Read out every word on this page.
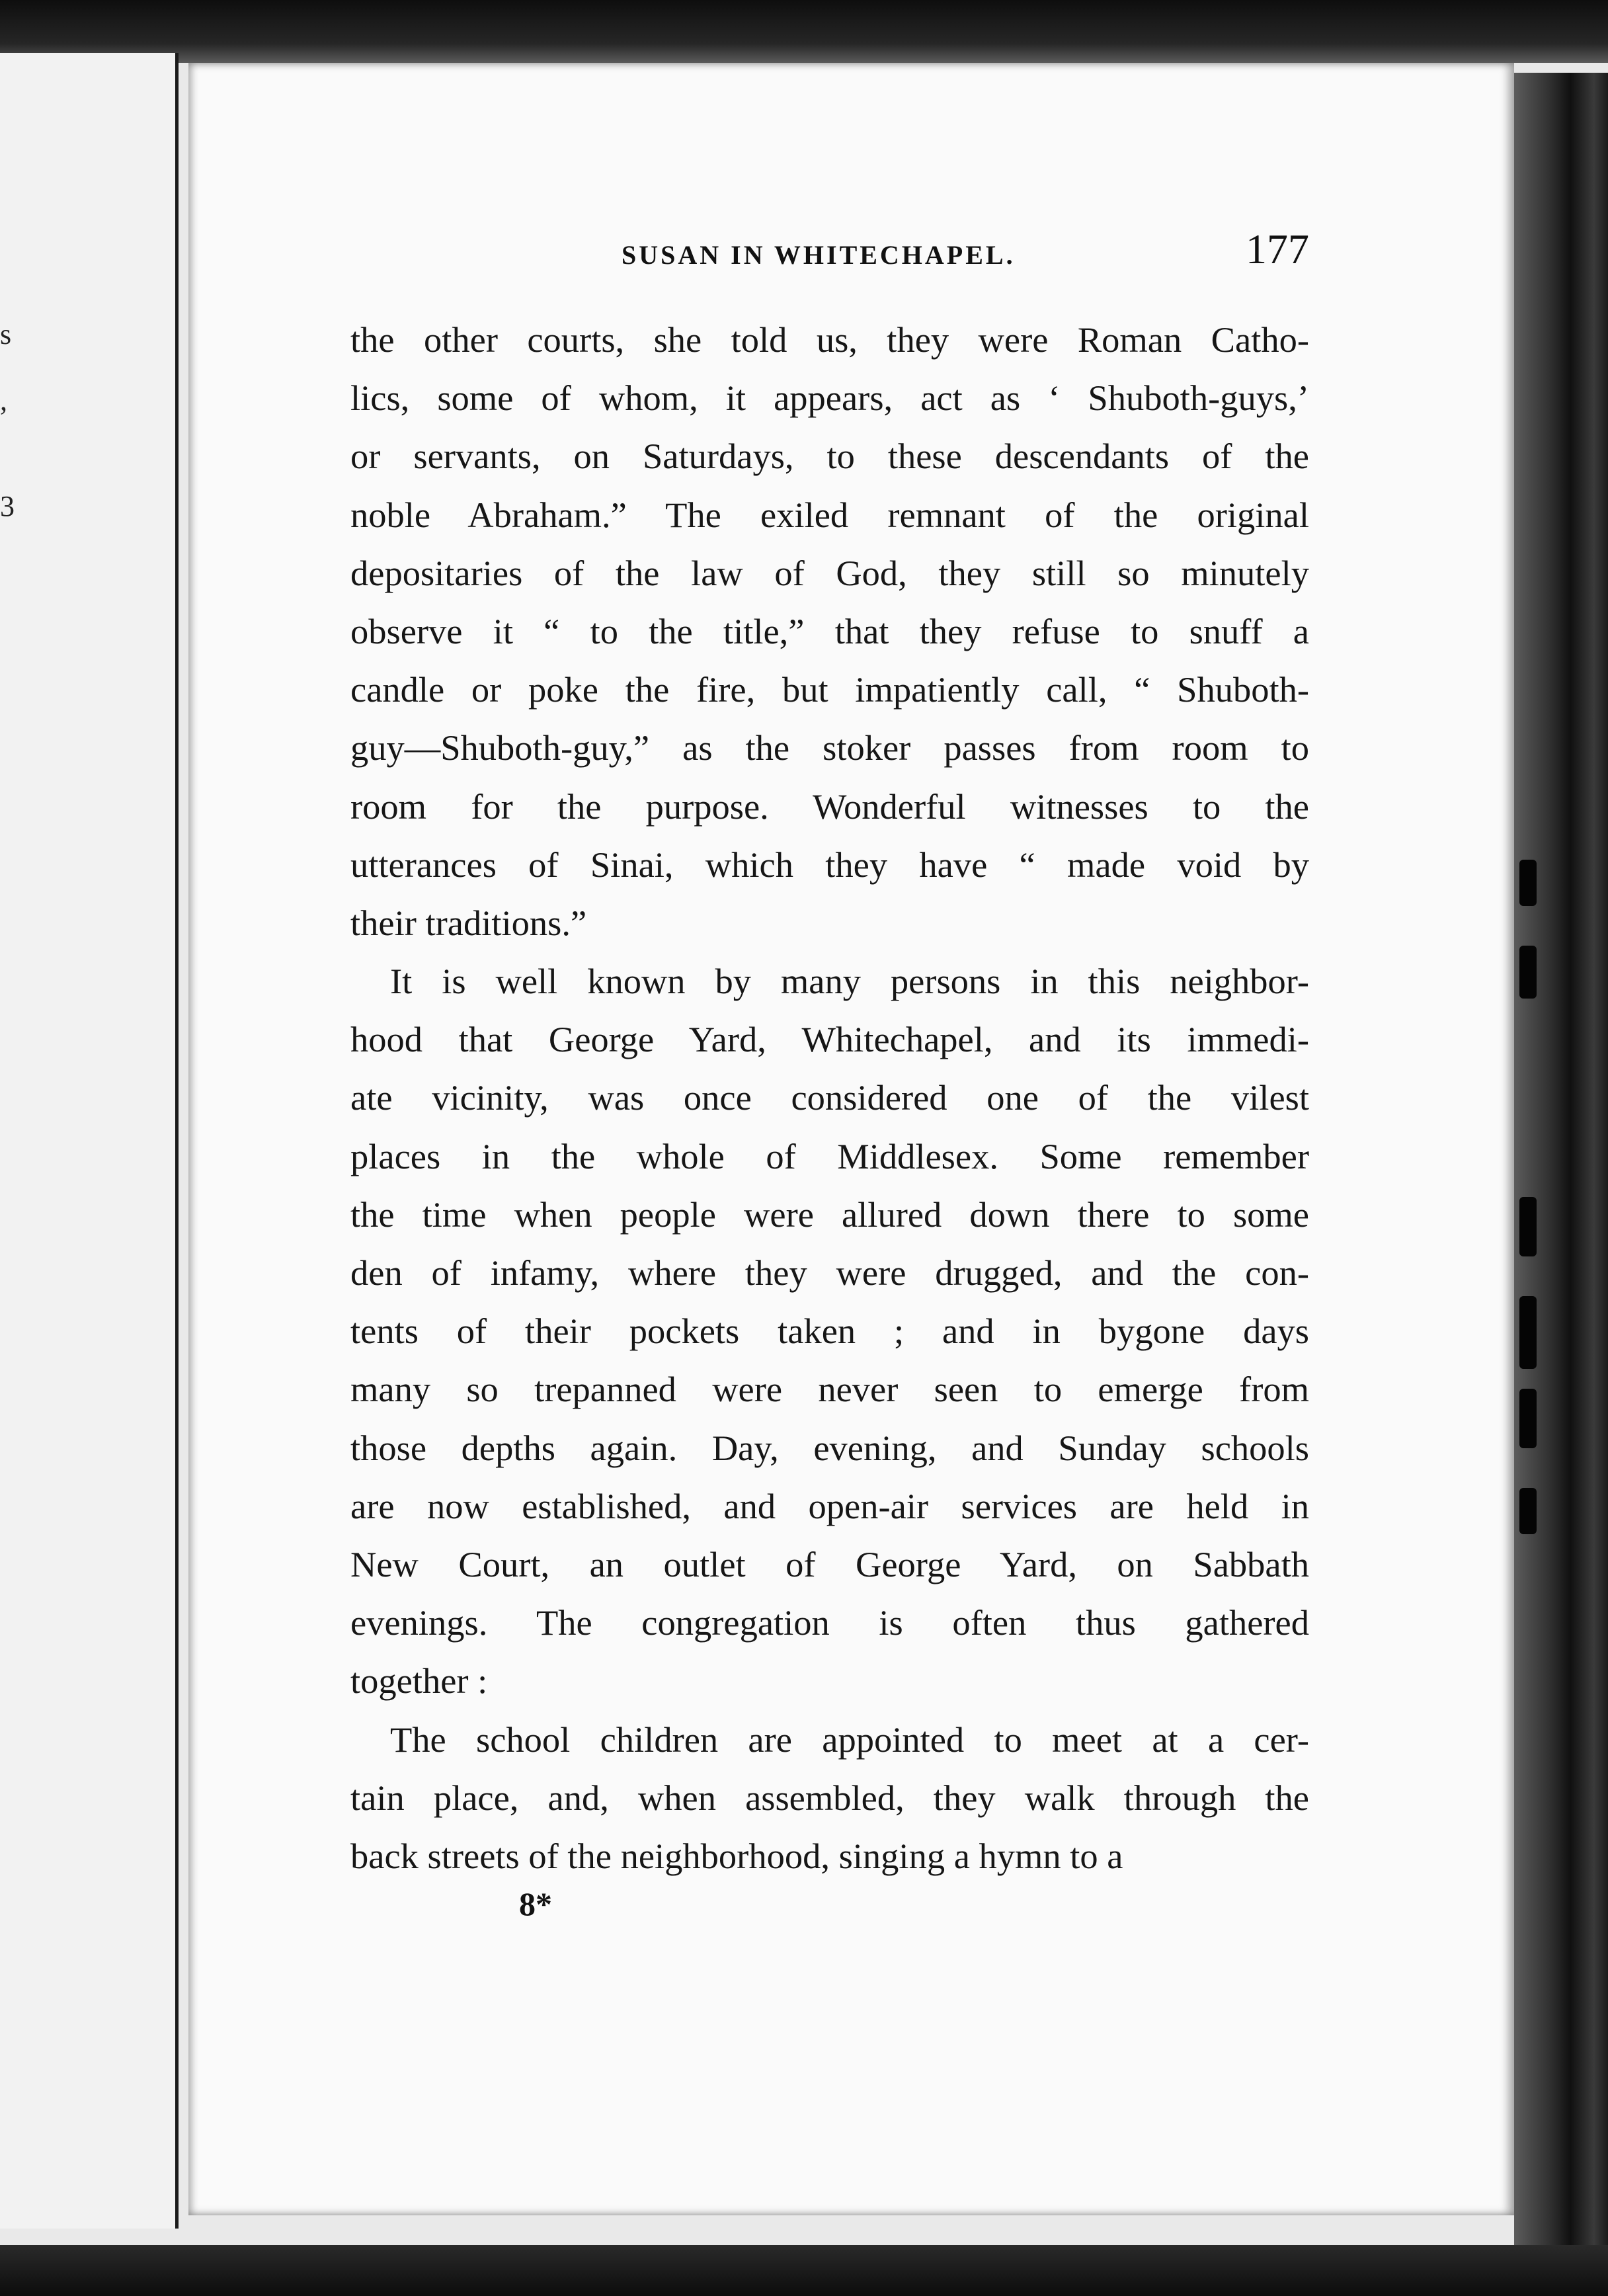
s
,
3
SUSAN IN WHITECHAPEL.	177
the other courts, she told us, they were Roman Catho-
lics, some of whom, it appears, act as ‘ Shuboth-guys,’
or servants, on Saturdays, to these descendants of the
noble Abraham.” The exiled remnant of the original
depositaries of the law of God, they still so minutely
observe it “ to the title,” that they refuse to snuff a
candle or poke the fire, but impatiently call, “ Shuboth-
guy—Shuboth-guy,” as the stoker passes from room to
room for the purpose. Wonderful witnesses to the
utterances of Sinai, which they have “ made void by
their traditions.”
It is well known by many persons in this neighbor-
hood that George Yard, Whitechapel, and its immedi-
ate vicinity, was once considered one of the vilest
places in the whole of Middlesex. Some remember
the time when people were allured down there to some
den of infamy, where they were drugged, and the con-
tents of their pockets taken ; and in bygone days
many so trepanned were never seen to emerge from
those depths again. Day, evening, and Sunday schools
are now established, and open-air services are held in
New Court, an outlet of George Yard, on Sabbath
evenings. The congregation is often thus gathered
together :
The school children are appointed to meet at a cer-
tain place, and, when assembled, they walk through the
back streets of the neighborhood, singing a hymn to a
8*
